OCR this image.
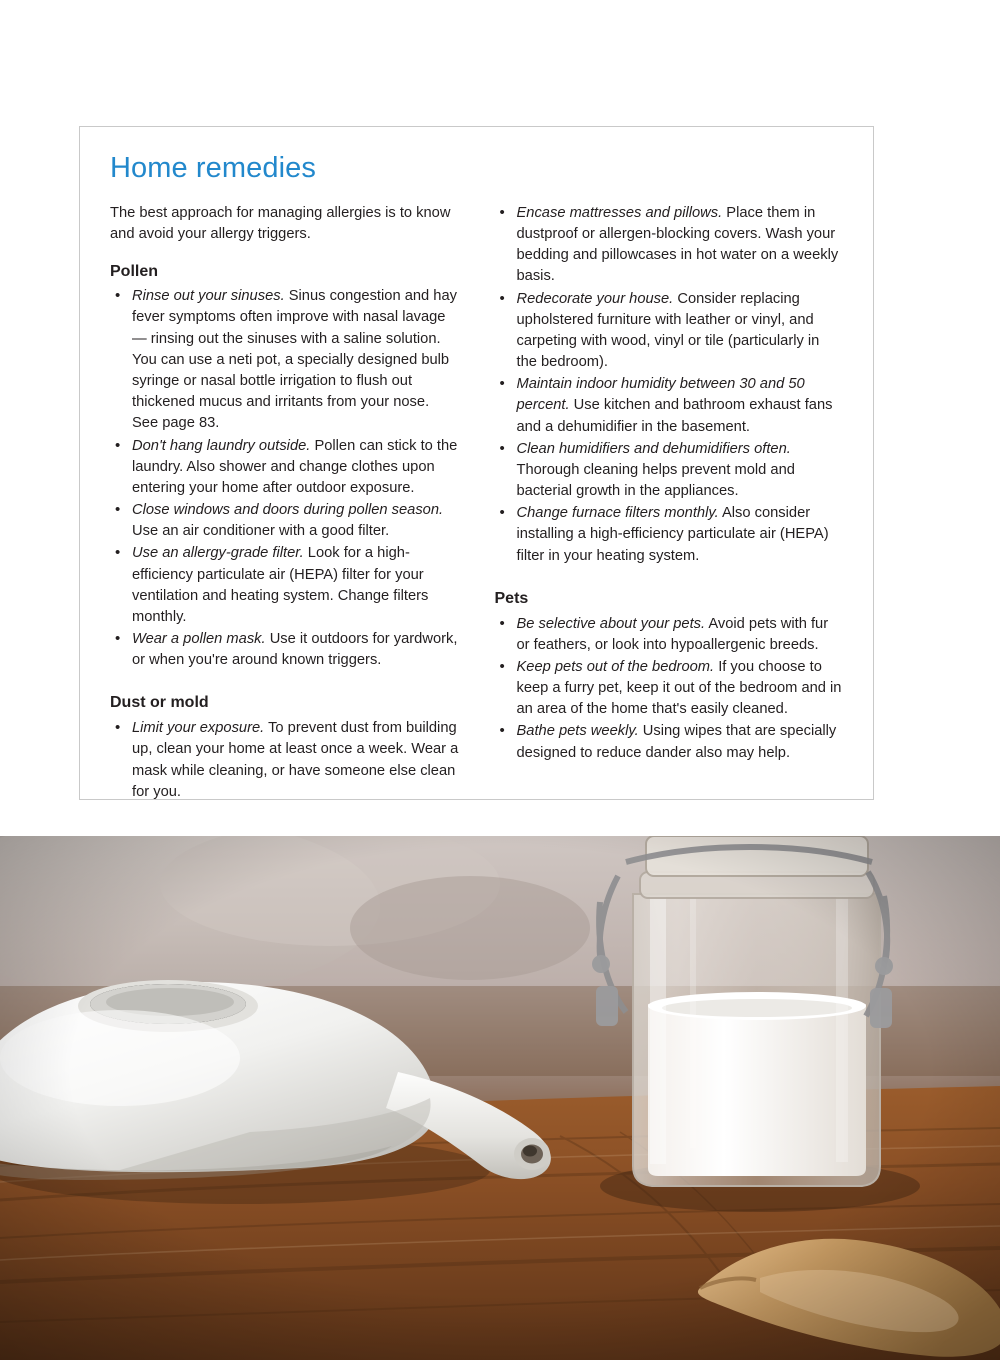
Home remedies

The best approach for managing allergies is to know and avoid your allergy triggers.

Pollen
• Rinse out your sinuses. Sinus congestion and hay fever symptoms often improve with nasal lavage — rinsing out the sinuses with a saline solution. You can use a neti pot, a specially designed bulb syringe or nasal bottle irrigation to flush out thickened mucus and irritants from your nose. See page 83.
• Don't hang laundry outside. Pollen can stick to the laundry. Also shower and change clothes upon entering your home after outdoor exposure.
• Close windows and doors during pollen season. Use an air conditioner with a good filter.
• Use an allergy-grade filter. Look for a high-efficiency particulate air (HEPA) filter for your ventilation and heating system. Change filters monthly.
• Wear a pollen mask. Use it outdoors for yardwork, or when you're around known triggers.
Dust or mold
• Limit your exposure. To prevent dust from building up, clean your home at least once a week. Wear a mask while cleaning, or have someone else clean for you.
• Encase mattresses and pillows. Place them in dustproof or allergen-blocking covers. Wash your bedding and pillowcases in hot water on a weekly basis.
• Redecorate your house. Consider replacing upholstered furniture with leather or vinyl, and carpeting with wood, vinyl or tile (particularly in the bedroom).
• Maintain indoor humidity between 30 and 50 percent. Use kitchen and bathroom exhaust fans and a dehumidifier in the basement.
• Clean humidifiers and dehumidifiers often. Thorough cleaning helps prevent mold and bacterial growth in the appliances.
• Change furnace filters monthly. Also consider installing a high-efficiency particulate air (HEPA) filter in your heating system.
Pets
• Be selective about your pets. Avoid pets with fur or feathers, or look into hypoallergenic breeds.
• Keep pets out of the bedroom. If you choose to keep a furry pet, keep it out of the bedroom and in an area of the home that's easily cleaned.
• Bathe pets weekly. Using wipes that are specially designed to reduce dander also may help.
